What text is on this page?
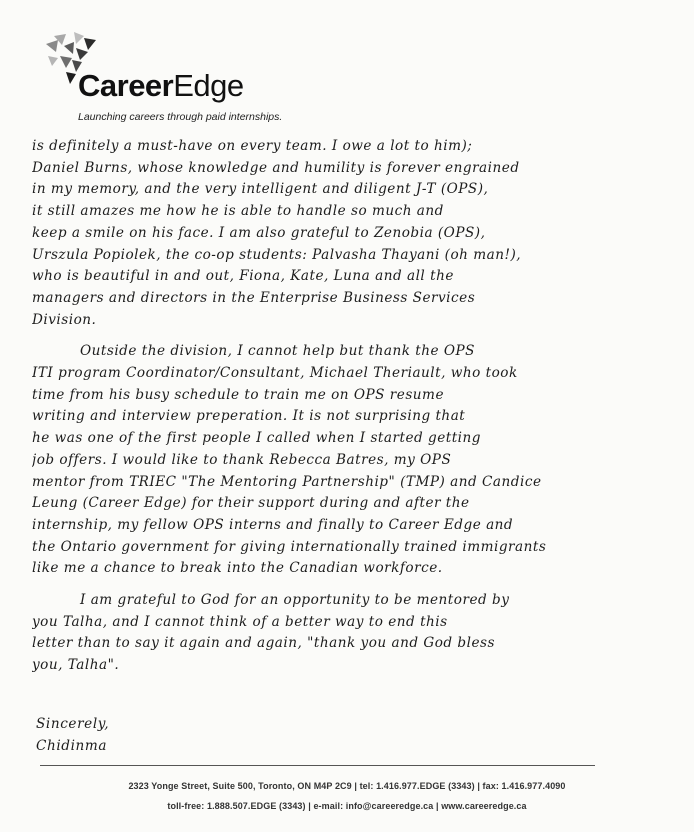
CareerEdge
Launching careers through paid internships.
is definitely a must-have on every team. I owe a lot to him);
Daniel Burns, whose knowledge and humility is forever engrained
in my memory, and the very intelligent and diligent J-T (OPS),
it still amazes me how he is able to handle so much and
keep a smile on his face. I am also grateful to Zenobia (OPS),
Urszula Popiolek, the co-op students: Palvasha Thayani (oh man!),
who is beautiful in and out, Fiona, Kate, Luna and all the
managers and directors in the Enterprise Business Services
Division.
Outside the division, I cannot help but thank the OPS
ITI program Coordinator/Consultant, Michael Theriault, who took
time from his busy schedule to train me on OPS resume
writing and interview preperation. It is not surprising that
he was one of the first people I called when I started getting
job offers. I would like to thank Rebecca Batres, my OPS
mentor from TRIEC "The Mentoring Partnership" (TMP) and Candice
Leung (Career Edge) for their support during and after the
internship, my fellow OPS interns and finally to Career Edge and
the Ontario government for giving internationally trained immigrants
like me a chance to break into the Canadian workforce.
I am grateful to God for an opportunity to be mentored by
you Talha, and I cannot think of a better way to end this
letter than to say it again and again, "thank you and God bless
you, Talha".
Sincerely,
Chidinma
2323 Yonge Street, Suite 500, Toronto, ON M4P 2C9 | tel: 1.416.977.EDGE (3343) | fax: 1.416.977.4090
toll-free: 1.888.507.EDGE (3343) | e-mail: info@careeredge.ca | www.careeredge.ca
